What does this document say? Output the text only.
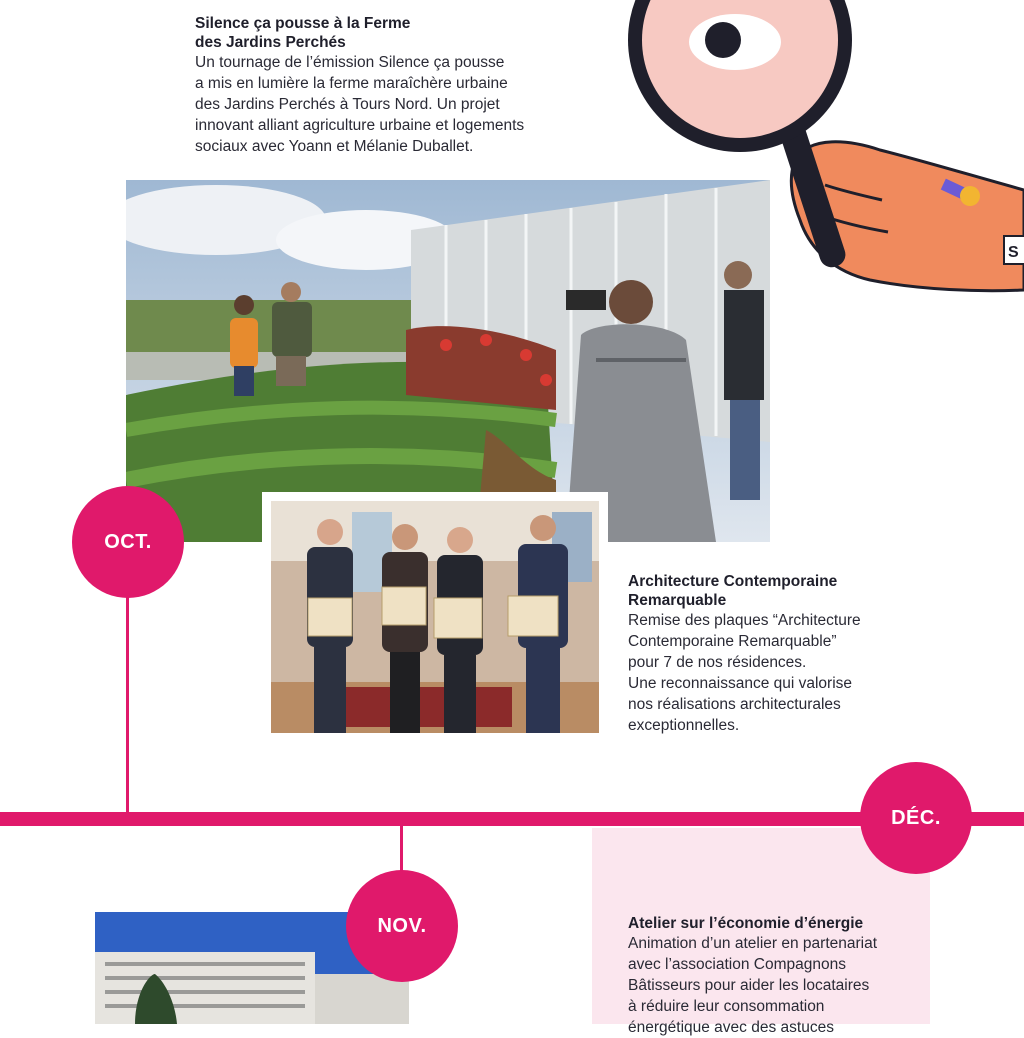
S

Silence ça pousse à la Ferme

des Jardins Perchés

Un tournage de l’émission Silence ça pousse

a mis en lumière la ferme maraîchère urbaine

des Jardins Perchés à Tours Nord. Un projet

innovant alliant agriculture urbaine et logements

sociaux avec Yoann et Mélanie Duballet.

Architecture Contemporaine

Remarquable

Remise des plaques “Architecture

Contemporaine Remarquable”

pour 7 de nos résidences.

Une reconnaissance qui valorise

nos réalisations architecturales

exceptionnelles.

OCT.
DÉC.
NOV.	Atelier sur l’économie d’énergie

Animation d’un atelier en partenariat

avec l’association Compagnons

Bâtisseurs pour aider les locataires

à réduire leur consommation

énergétique avec des astuces
